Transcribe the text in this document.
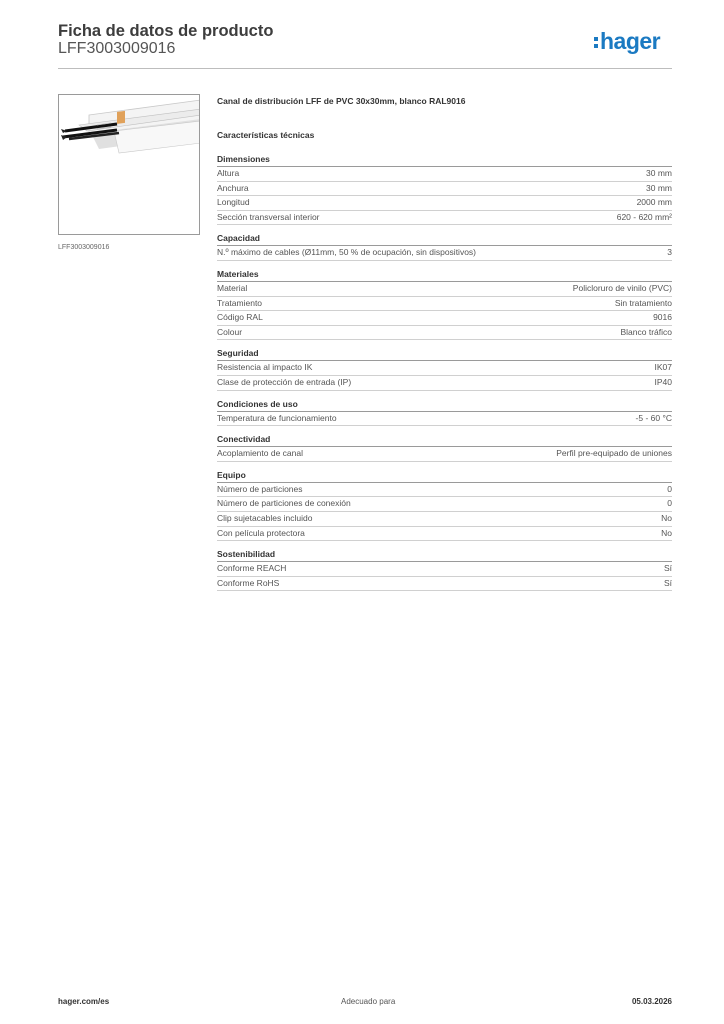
Ficha de datos de producto
LFF3003009016	hager
LFF3003009016
Canal de distribución LFF de PVC 30x30mm, blanco RAL9016
Características técnicas
Dimensiones
Altura	30 mm
Anchura	30 mm
Longitud	2000 mm
Sección transversal interior	620 - 620 mm²
Capacidad
N.º máximo de cables (Ø11mm, 50 % de ocupación, sin dispositivos)	3
Materiales
Material	Policloruro de vinilo (PVC)
Tratamiento	Sin tratamiento
Código RAL	9016
Colour	Blanco tráfico
Seguridad
Resistencia al impacto IK	IK07
Clase de protección de entrada (IP)	IP40
Condiciones de uso
Temperatura de funcionamiento	-5 - 60 °C
Conectividad
Acoplamiento de canal	Perfil pre-equipado de uniones
Equipo
Número de particiones	0
Número de particiones de conexión	0
Clip sujetacables incluido	No
Con película protectora	No
Sostenibilidad
Conforme REACH	Sí
Conforme RoHS	Sí
hager.com/es	Adecuado para	05.03.2026
